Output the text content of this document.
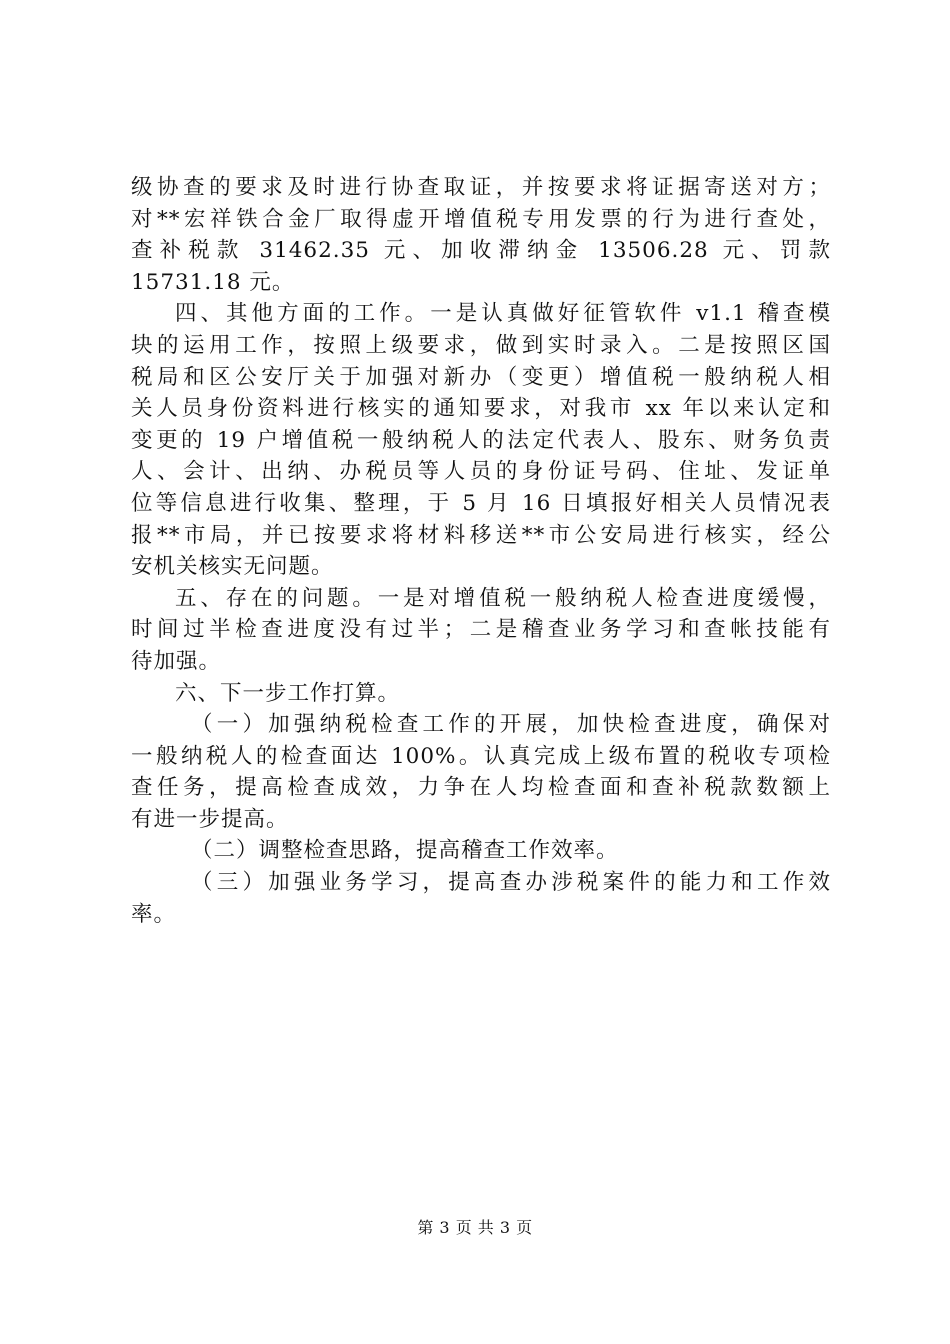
级协查的要求及时进行协查取证，并按要求将证据寄送对方；
对**宏祥铁合金厂取得虚开增值税专用发票的行为进行查处，
查补税款 31462.35 元、加收滞纳金 13506.28 元、罚款
15731.18 元。
四、其他方面的工作。一是认真做好征管软件 v1.1 稽查模
块的运用工作，按照上级要求，做到实时录入。二是按照区国
税局和区公安厅关于加强对新办（变更）增值税一般纳税人相
关人员身份资料进行核实的通知要求，对我市 xx 年以来认定和
变更的 19 户增值税一般纳税人的法定代表人、股东、财务负责
人、会计、出纳、办税员等人员的身份证号码、住址、发证单
位等信息进行收集、整理，于 5 月 16 日填报好相关人员情况表
报**市局，并已按要求将材料移送**市公安局进行核实，经公
安机关核实无问题。
五、存在的问题。一是对增值税一般纳税人检查进度缓慢，
时间过半检查进度没有过半；二是稽查业务学习和查帐技能有
待加强。
六、下一步工作打算。
（一）加强纳税检查工作的开展，加快检查进度，确保对
一般纳税人的检查面达 100%。认真完成上级布置的税收专项检
查任务，提高检查成效，力争在人均检查面和查补税款数额上
有进一步提高。
（二）调整检查思路，提高稽查工作效率。
（三）加强业务学习，提高查办涉税案件的能力和工作效
率。
第 3 页 共 3 页
